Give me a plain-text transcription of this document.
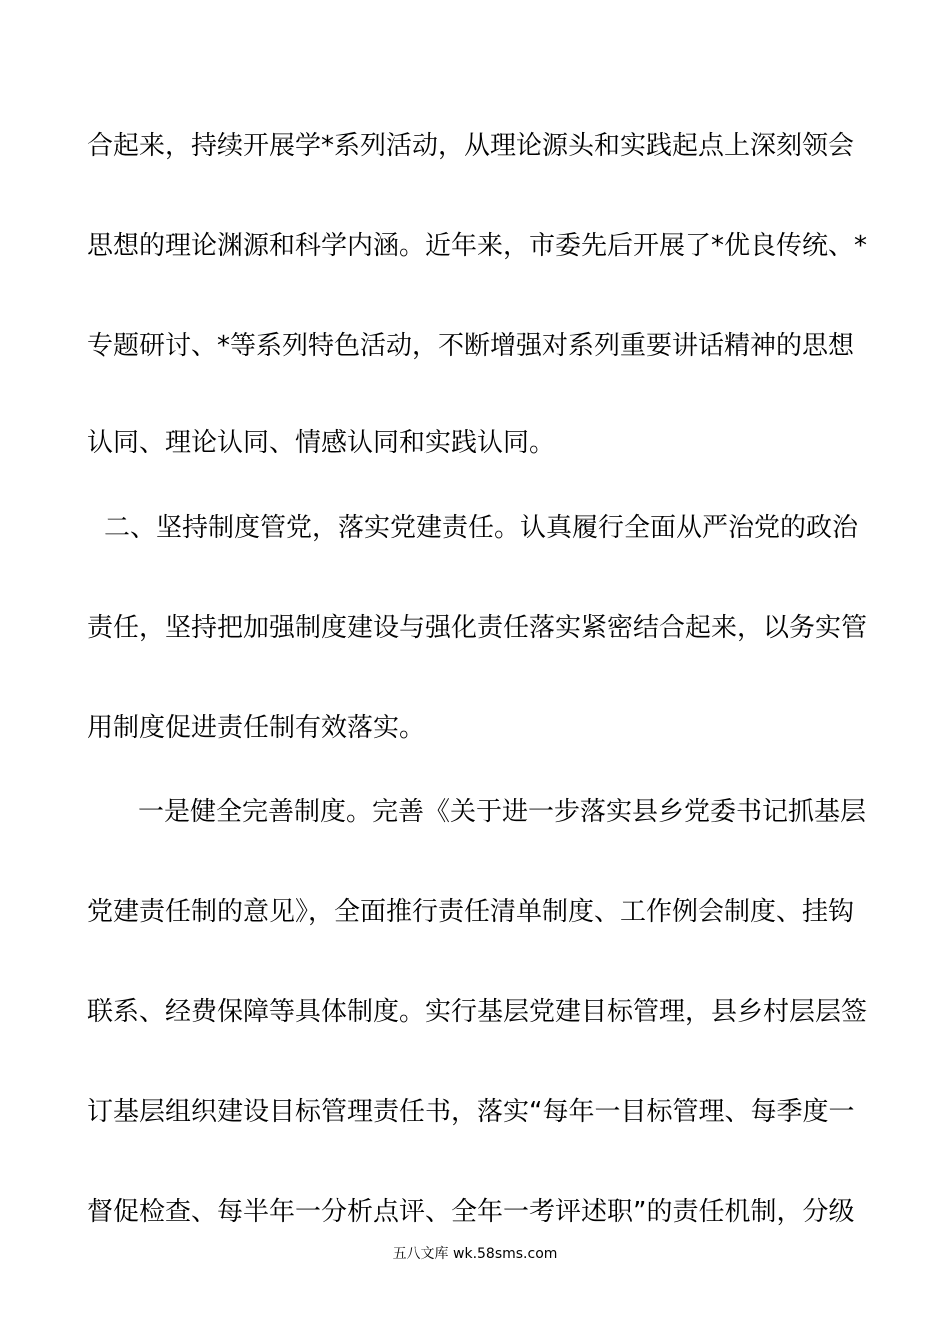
合起来，持续开展学*系列活动，从理论源头和实践起点上深刻领会
思想的理论渊源和科学内涵。近年来，市委先后开展了*优良传统、*
专题研讨、*等系列特色活动，不断增强对系列重要讲话精神的思想
认同、理论认同、情感认同和实践认同。
二、坚持制度管党，落实党建责任。认真履行全面从严治党的政治
责任，坚持把加强制度建设与强化责任落实紧密结合起来，以务实管
用制度促进责任制有效落实。
一是健全完善制度。完善《关于进一步落实县乡党委书记抓基层
党建责任制的意见》，全面推行责任清单制度、工作例会制度、挂钩
联系、经费保障等具体制度。实行基层党建目标管理，县乡村层层签
订基层组织建设目标管理责任书，落实“每年一目标管理、每季度一
督促检查、每半年一分析点评、全年一考评述职”的责任机制，分级
五八文库 wk.58sms.com
